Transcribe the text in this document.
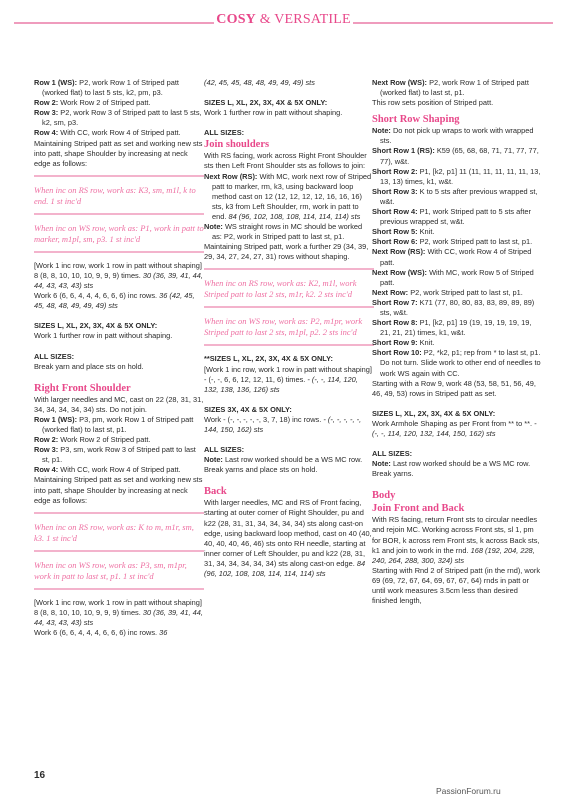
COSY & VERSATILE

Row 1 (WS): P2, work Row 1 of Striped patt (worked flat) to last 5 sts, k2, pm, p3.

Row 2: Work Row 2 of Striped patt.

Row 3: P2, work Row 3 of Striped patt to last 5 sts, k2, sm, p3.

Row 4: With CC, work Row 4 of Striped patt.

Maintaining Striped patt as set and working new sts into patt, shape Shoulder by increasing at neck edge as follows:

When inc on RS row, work as: K3, sm, m1l, k to end. 1 st inc'd

When inc on WS row, work as: P1, work in patt to marker, m1pl, sm, p3. 1 st inc'd

[Work 1 inc row, work 1 row in patt without shaping] 8 (8, 8, 10, 10, 10, 9, 9, 9) times. 30 (36, 39, 41, 44, 44, 43, 43, 43) sts

Work 6 (6, 6, 4, 4, 4, 6, 6, 6) inc rows. 36 (42, 45, 45, 48, 48, 49, 49, 49) sts

SIZES L, XL, 2X, 3X, 4X & 5X ONLY:

Work 1 further row in patt without shaping.

ALL SIZES:

Break yarn and place sts on hold.

Right Front Shoulder

With larger needles and MC, cast on 22 (28, 31, 31, 34, 34, 34, 34, 34) sts. Do not join.

Row 1 (WS): P3, pm, work Row 1 of Striped patt (worked flat) to last st, p1.

Row 2: Work Row 2 of Striped patt.

Row 3: P3, sm, work Row 3 of Striped patt to last st, p1.

Row 4: With CC, work Row 4 of Striped patt.

Maintaining Striped patt as set and working new sts into patt, shape Shoulder by increasing at neck edge as follows:

When inc on RS row, work as: K to m, m1r, sm, k3. 1 st inc'd

When inc on WS row, work as: P3, sm, m1pr, work in patt to last st, p1. 1 st inc'd

[Work 1 inc row, work 1 row in patt without shaping] 8 (8, 8, 10, 10, 10, 9, 9, 9) times. 30 (36, 39, 41, 44, 44, 43, 43, 43) sts

Work 6 (6, 6, 4, 4, 4, 6, 6, 6) inc rows. 36

(42, 45, 45, 48, 48, 49, 49, 49) sts

SIZES L, XL, 2X, 3X, 4X & 5X ONLY:

Work 1 further row in patt without shaping.

ALL SIZES:

Join shoulders

With RS facing, work across Right Front Shoulder sts then Left Front Shoulder sts as follows to join:

Next Row (RS): With MC, work next row of Striped patt to marker, rm, k3, using backward loop method cast on 12 (12, 12, 12, 12, 16, 16, 16) sts, k3 from Left Shoulder, rm, work in patt to end. 84 (96, 102, 108, 108, 114, 114, 114) sts

Note: WS straight rows in MC should be worked as: P2, work in Striped patt to last st, p1.

Maintaining Striped patt, work a further 29 (34, 39, 29, 34, 27, 24, 27, 31) rows without shaping.

When inc on RS row, work as: K2, m1l, work Striped patt to last 2 sts, m1r, k2. 2 sts inc'd

When inc on WS row, work as: P2, m1pr, work Striped patt to last 2 sts, m1pl, p2. 2 sts inc'd

**SIZES L, XL, 2X, 3X, 4X & 5X ONLY:

[Work 1 inc row, work 1 row in patt without shaping] - (-, -, 6, 6, 12, 12, 11, 6) times. - (-, -, 114, 120, 132, 138, 136, 126) sts

SIZES 3X, 4X & 5X ONLY:

Work - (-, -, -, -, -, 3, 7, 18) inc rows. - (-, -, -, -, -, 144, 150, 162) sts

ALL SIZES:

Note: Last row worked should be a WS MC row.

Break yarns and place sts on hold.

Back

With larger needles, MC and RS of Front facing, starting at outer corner of Right Shoulder, pu and k22 (28, 31, 31, 34, 34, 34, 34) sts along cast-on edge, using backward loop method, cast on 40 (40, 40, 40, 40, 46, 46) sts onto RH needle, starting at inner corner of Left Shoulder, pu and k22 (28, 31, 31, 34, 34, 34, 34, 34) sts along cast-on edge. 84 (96, 102, 108, 108, 114, 114, 114) sts

Next Row (WS): P2, work Row 1 of Striped patt (worked flat) to last st, p1.

This row sets position of Striped patt.

Short Row Shaping

Note: Do not pick up wraps to work with wrapped sts.

Short Row 1 (RS): K59 (65, 68, 68, 71, 71, 77, 77, 77), w&t.

Short Row 2: P1, [k2, p1] 11 (11, 11, 11, 11, 11, 13, 13, 13) times, k1, w&t.

Short Row 3: K to 5 sts after previous wrapped st, w&t.

Short Row 4: P1, work Striped patt to 5 sts after previous wrapped st, w&t.

Short Row 5: Knit.

Short Row 6: P2, work Striped patt to last st, p1.

Next Row (RS): With CC, work Row 4 of Striped patt.

Next Row (WS): With MC, work Row 5 of Striped patt.

Next Row: P2, work Striped patt to last st, p1.

Short Row 7: K71 (77, 80, 80, 83, 83, 89, 89, 89) sts, w&t.

Short Row 8: P1, [k2, p1] 19 (19, 19, 19, 19, 19, 21, 21, 21) times, k1, w&t.

Short Row 9: Knit.

Short Row 10: P2, *k2, p1; rep from * to last st, p1. Do not turn. Slide work to other end of needles to work WS again with CC.

Starting with a Row 9, work 48 (53, 58, 51, 56, 49, 46, 49, 53) rows in Striped patt as set.

SIZES L, XL, 2X, 3X, 4X & 5X ONLY:

Work Armhole Shaping as per Front from ** to **. - (-, -, 114, 120, 132, 144, 150, 162) sts

ALL SIZES:

Note: Last row worked should be a WS MC row.

Break yarns.

Body

Join Front and Back

With RS facing, return Front sts to circular needles and rejoin MC. Working across Front sts, sl 1, pm for BOR, k across rem Front sts, k across Back sts, k1 and join to work in the rnd. 168 (192, 204, 228, 240, 264, 288, 300, 324) sts

Starting with Rnd 2 of Striped patt (in the rnd), work 69 (69, 72, 67, 64, 69, 67, 67, 64) rnds in patt or until work measures 3.5cm less than desired finished length,

16
PassionForum.ru
